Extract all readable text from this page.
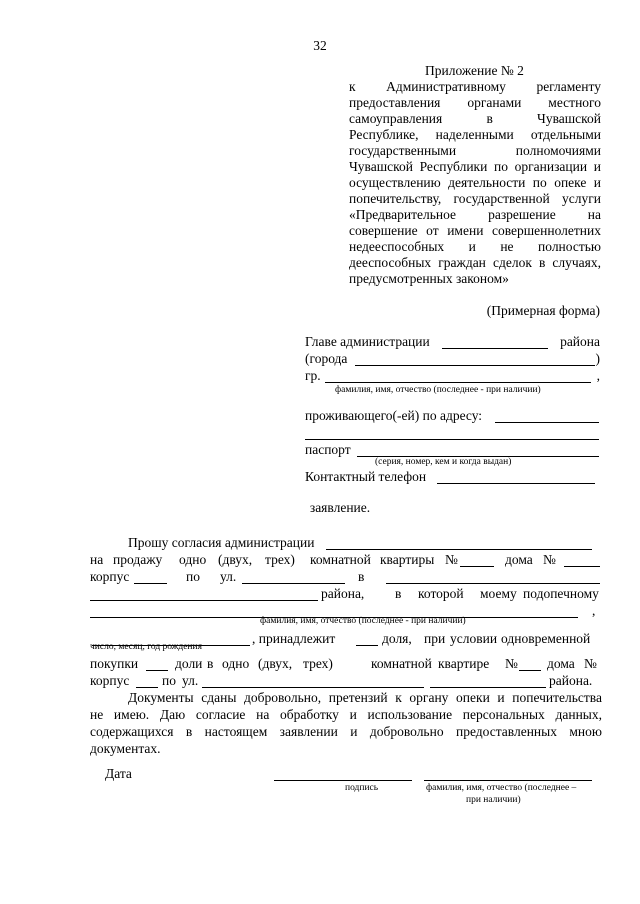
32
Приложение № 2
к Административному регламенту
предоставления органами местного
самоуправления в Чувашской
Республике, наделенными отдельными
государственными полномочиями
Чувашской Республики по организации и
осуществлению деятельности по опеке и
попечительству, государственной услуги
«Предварительное разрешение на
совершение от имени совершеннолетних
недееспособных и не полностью
дееспособных граждан сделок в случаях,
предусмотренных законом»
(Примерная форма)
Главе администрации	района
(города	)
гр.	,
фамилия, имя, отчество (последнее - при наличии)
проживающего(-ей) по адресу:
паспорт
(серия, номер, кем и когда выдан)
Контактный телефон
заявление.
Прошу согласия администрации
на продажу одно (двух, трех) комнатной квартиры №	дома №
корпус	по ул.	в
района, в которой моему подопечному
,
фамилия, имя, отчество (последнее - при наличии)
, принадлежит	доля, при условии одновременной
число, месяц, год рождения
покупки	доли в одно (двух, трех)	комнатной квартире № дома №
корпус по ул.	района.
Документы сданы добровольно, претензий к органу опеки и попечительства
не имею. Даю согласие на обработку и использование персональных данных,
содержащихся в настоящем заявлении и добровольно предоставленных мною
документах.
Дата
подпись	фамилия, имя, отчество (последнее –
при наличии)
